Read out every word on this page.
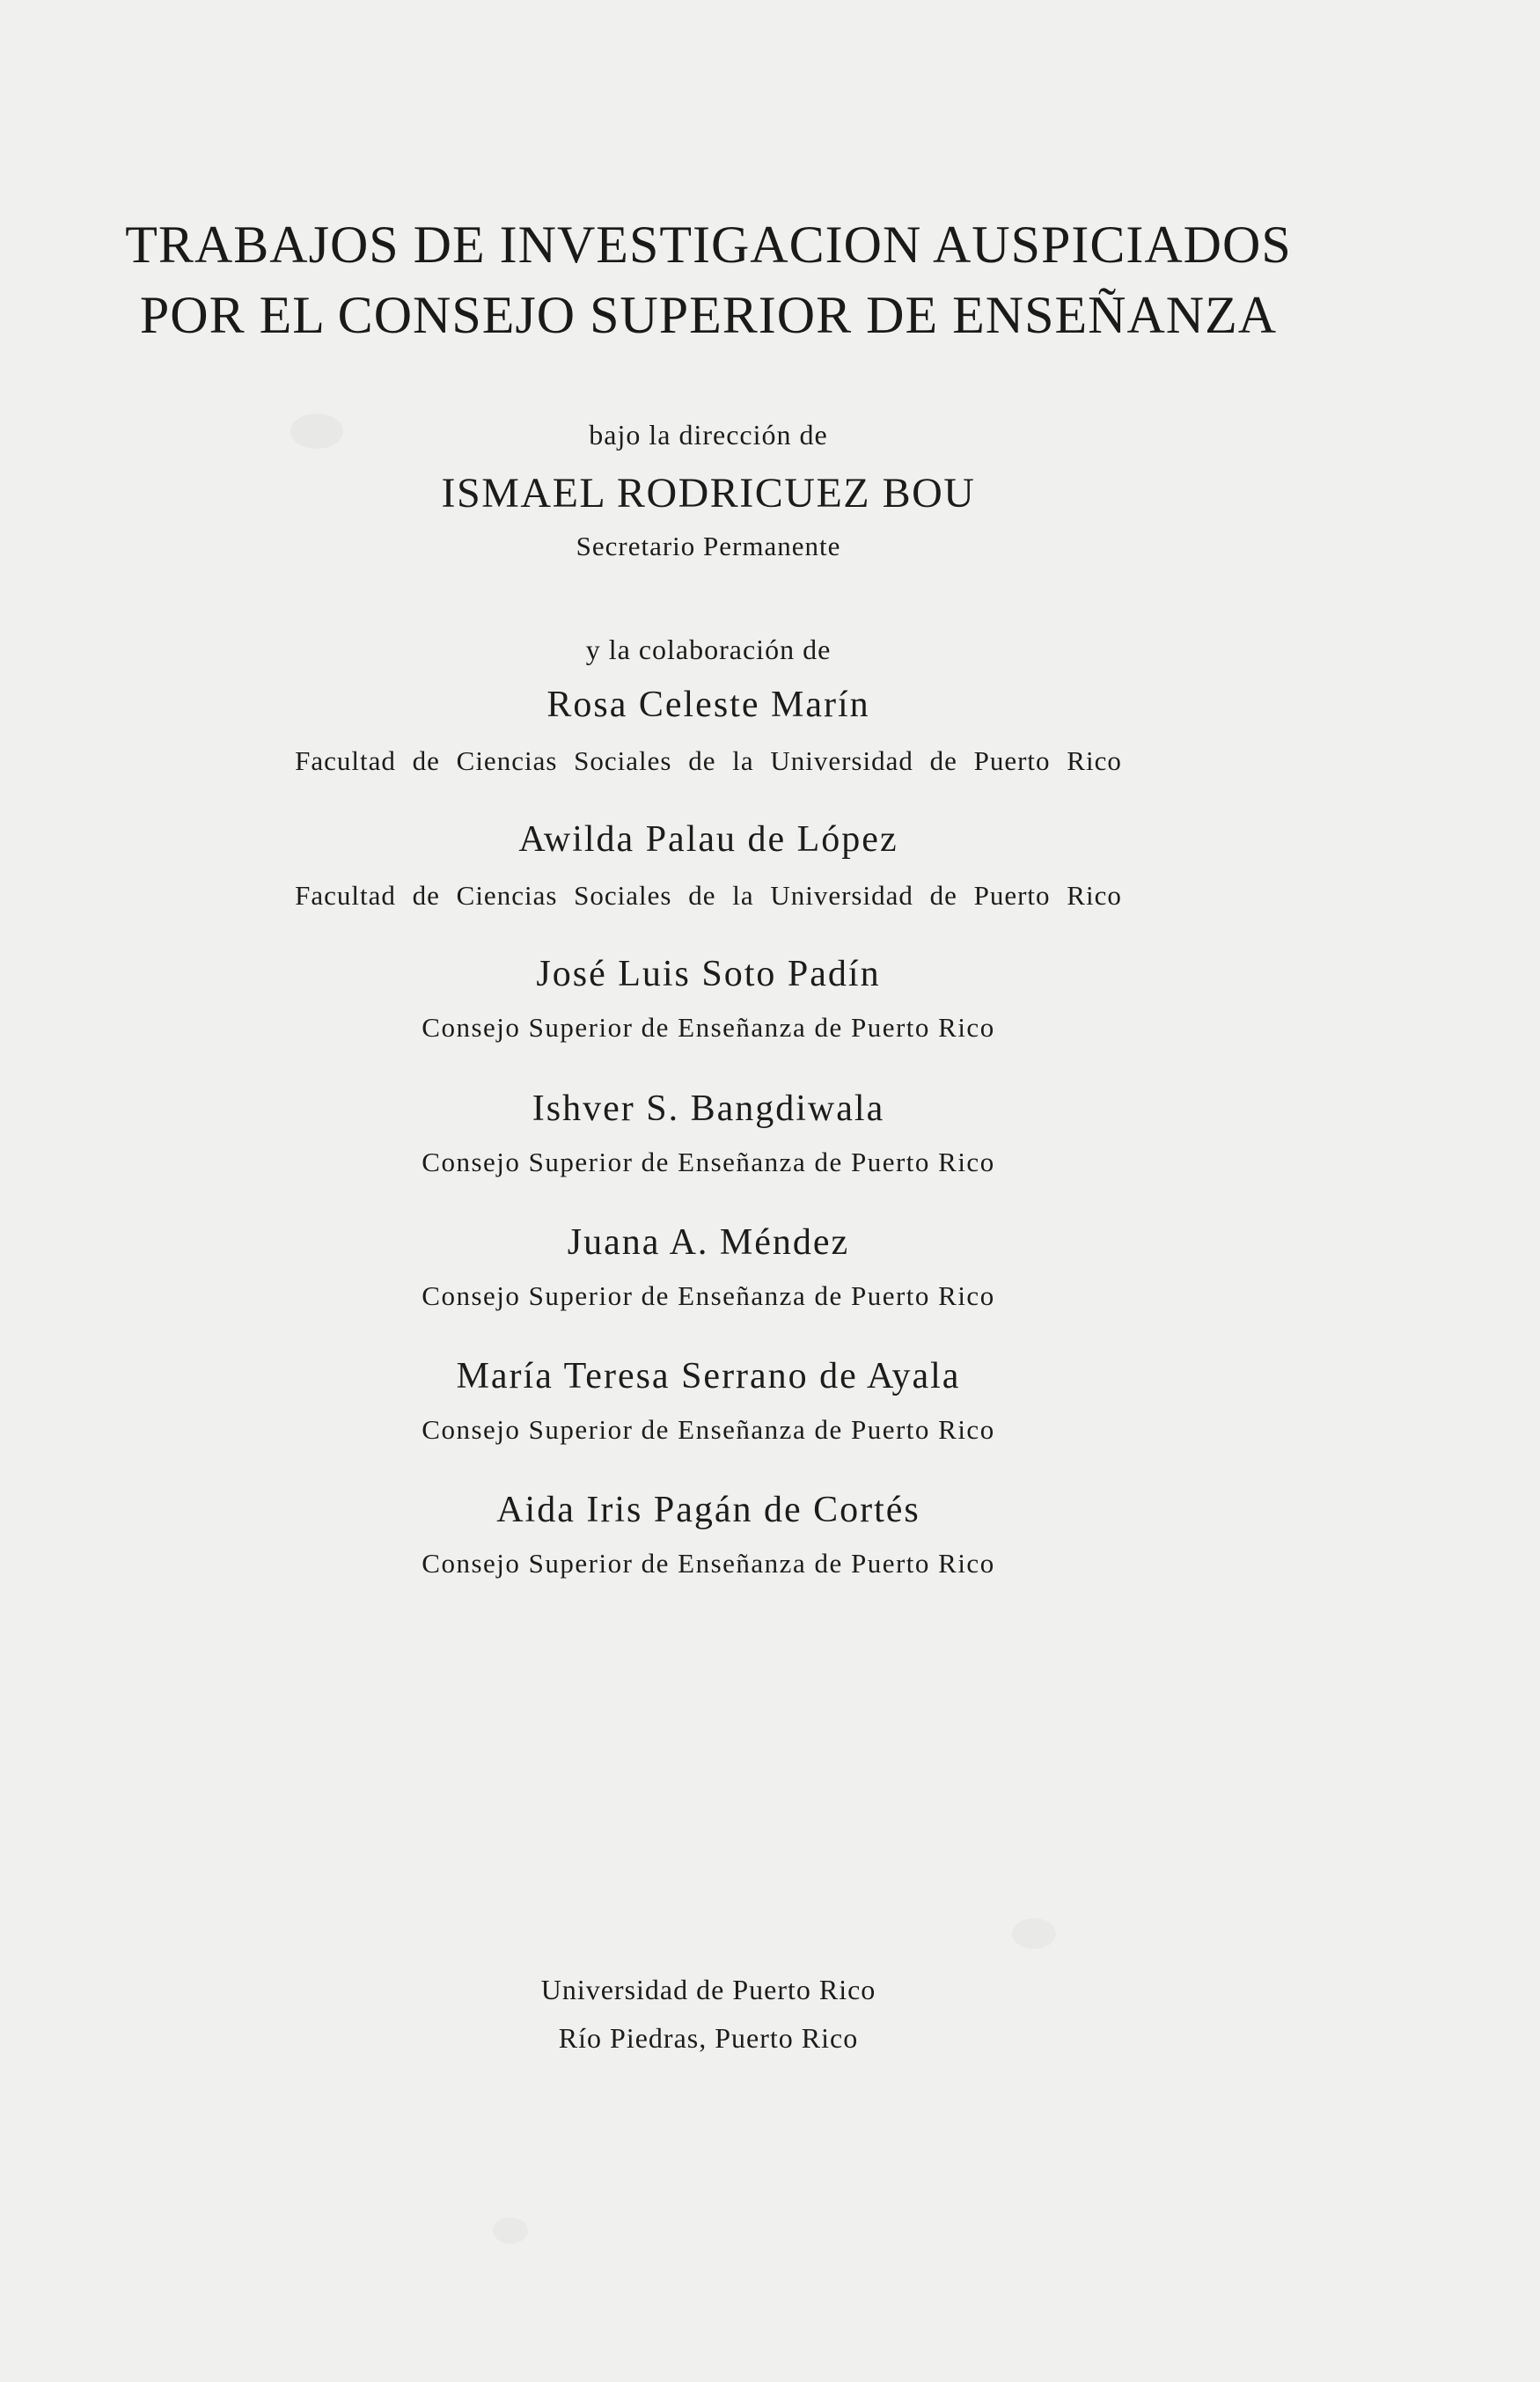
TRABAJOS DE INVESTIGACION AUSPICIADOS
POR EL CONSEJO SUPERIOR DE ENSEÑANZA
bajo la dirección de
ISMAEL RODRICUEZ BOU
Secretario Permanente
y la colaboración de
Rosa Celeste Marín
Facultad de Ciencias Sociales de la Universidad de Puerto Rico
Awilda Palau de López
Facultad de Ciencias Sociales de la Universidad de Puerto Rico
José Luis Soto Padín
Consejo Superior de Enseñanza de Puerto Rico
Ishver S. Bangdiwala
Consejo Superior de Enseñanza de Puerto Rico
Juana A. Méndez
Consejo Superior de Enseñanza de Puerto Rico
María Teresa Serrano de Ayala
Consejo Superior de Enseñanza de Puerto Rico
Aida Iris Pagán de Cortés
Consejo Superior de Enseñanza de Puerto Rico
Universidad de Puerto Rico
Río Piedras, Puerto Rico
